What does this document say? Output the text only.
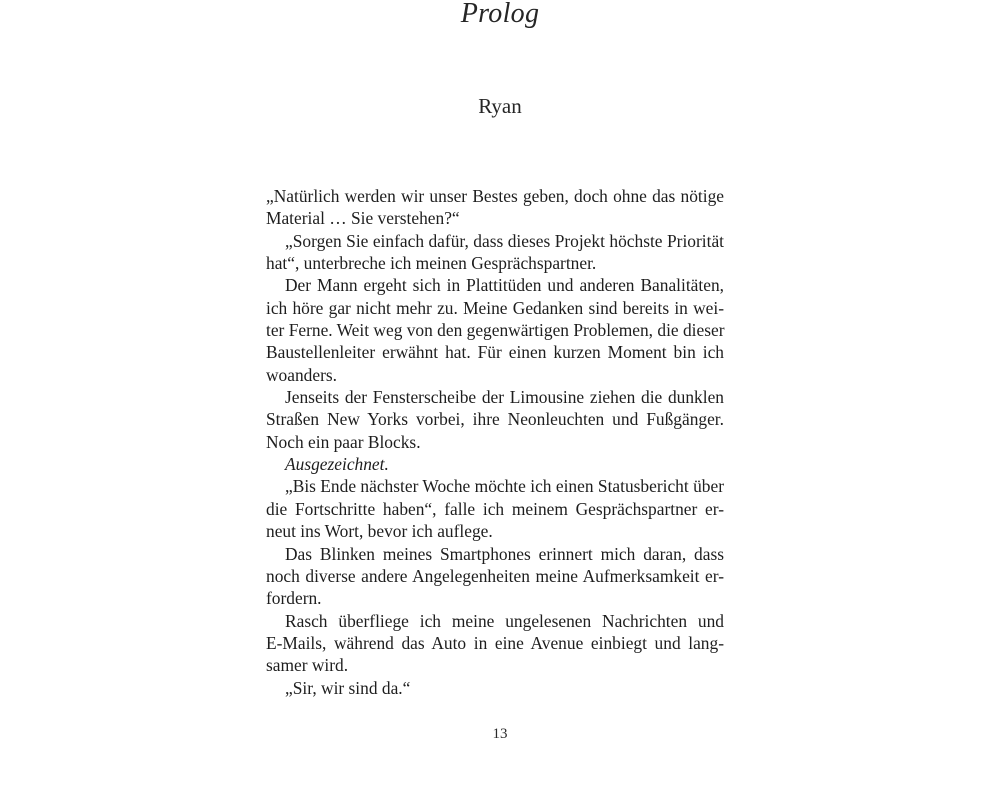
Prolog
Ryan
„Natürlich werden wir unser Bestes geben, doch ohne das nötige
Material … Sie verstehen?“
„Sorgen Sie einfach dafür, dass dieses Projekt höchste Priorität
hat“, unterbreche ich meinen Gesprächspartner.
Der Mann ergeht sich in Plattitüden und anderen Banalitäten,
ich höre gar nicht mehr zu. Meine Gedanken sind bereits in wei-
ter Ferne. Weit weg von den gegenwärtigen Problemen, die dieser
Baustellenleiter erwähnt hat. Für einen kurzen Moment bin ich
woanders.
Jenseits der Fensterscheibe der Limousine ziehen die dunklen
Straßen New Yorks vorbei, ihre Neonleuchten und Fußgänger.
Noch ein paar Blocks.
Ausgezeichnet.
„Bis Ende nächster Woche möchte ich einen Statusbericht über
die Fortschritte haben“, falle ich meinem Gesprächspartner er-
neut ins Wort, bevor ich auflege.
Das Blinken meines Smartphones erinnert mich daran, dass
noch diverse andere Angelegenheiten meine Aufmerksamkeit er-
fordern.
Rasch überfliege ich meine ungelesenen Nachrichten und
E-Mails, während das Auto in eine Avenue einbiegt und lang-
samer wird.
„Sir, wir sind da.“
13
